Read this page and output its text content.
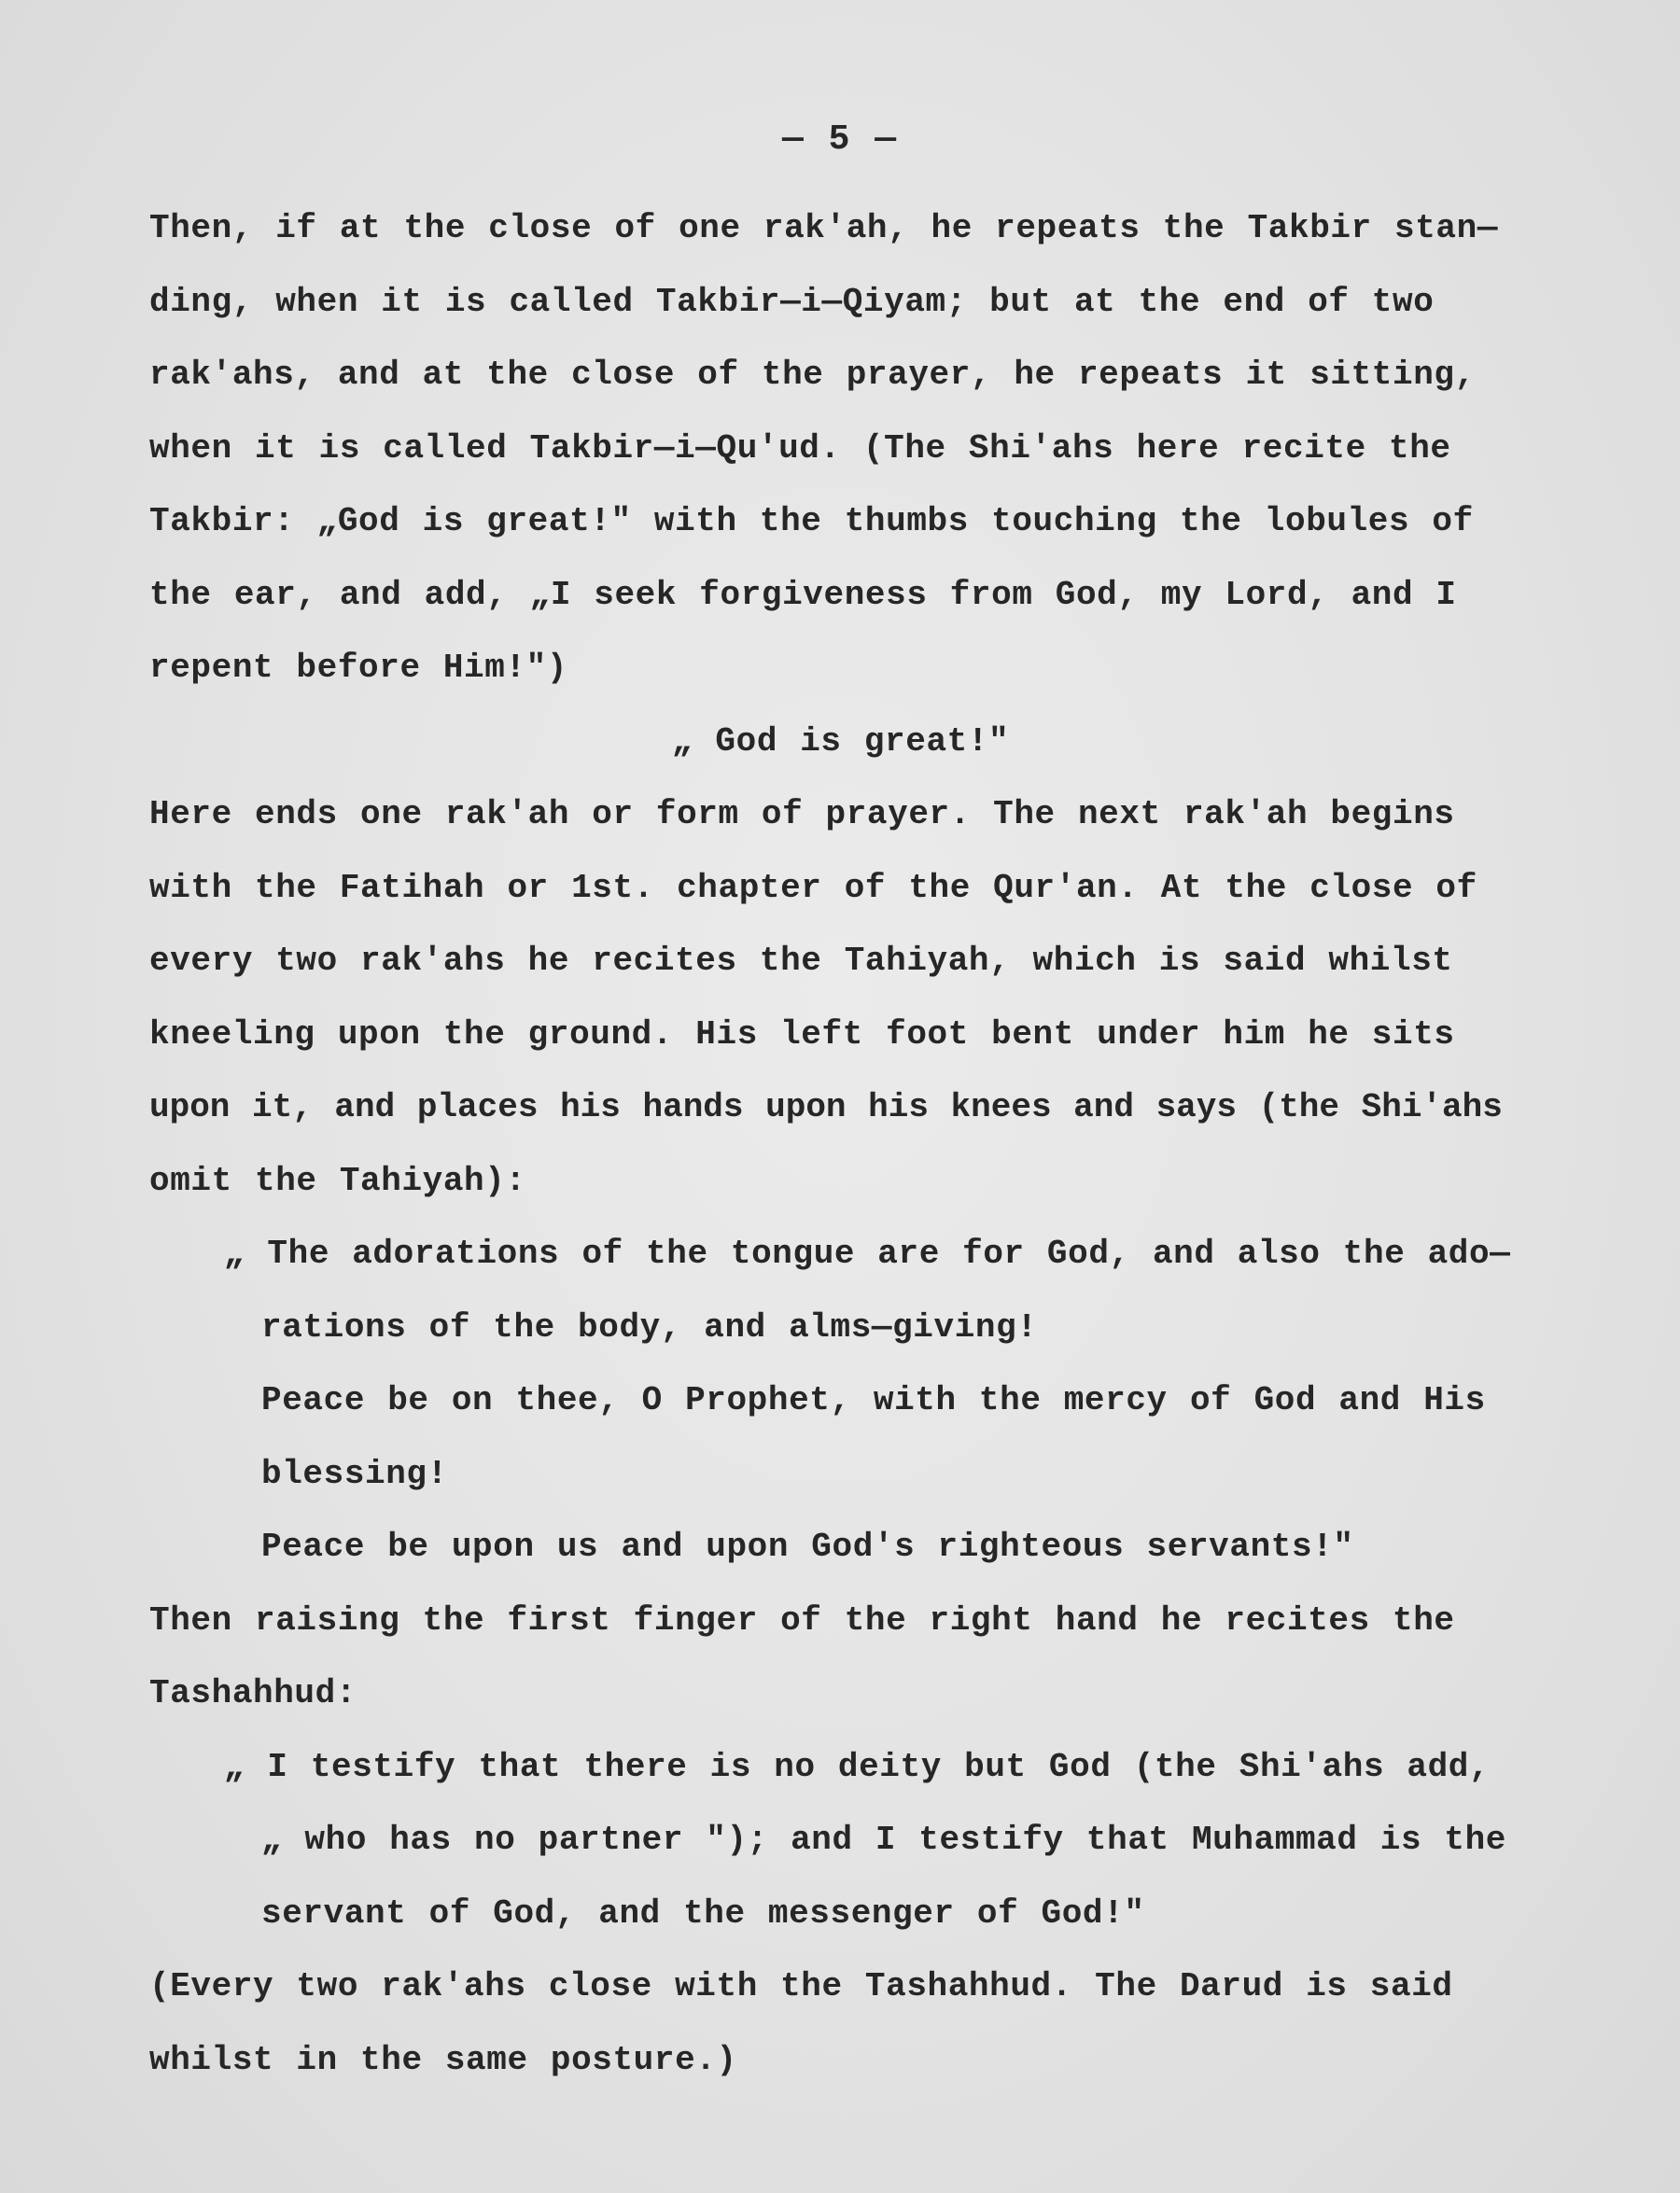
— 5 —

Then, if at the close of one rak'ah, he repeats the Takbir stan—
ding, when it is called Takbir—i—Qiyam; but at the end of two
rak'ahs, and at the close of the prayer, he repeats it sitting,
when it is called Takbir—i—Qu'ud. (The Shi'ahs here recite the
Takbir: „God is great!" with the thumbs touching the lobules of
the ear, and add, „I seek forgiveness from God, my Lord, and I
repent before Him!")
„ God is great!"
Here ends one rak'ah or form of prayer. The next rak'ah begins
with the Fatihah or 1st. chapter of the Qur'an. At the close of
every two rak'ahs he recites the Tahiyah, which is said whilst
kneeling upon the ground. His left foot bent under him he sits
upon it, and places his hands upon his knees and says (the Shi'ahs
omit the Tahiyah):
„ The adorations of the tongue are for God, and also the ado—
rations of the body, and alms—giving!
Peace be on thee, O Prophet, with the mercy of God and His
blessing!
Peace be upon us and upon God's righteous servants!"
Then raising the first finger of the right hand he recites the
Tashahhud:
„ I testify that there is no deity but God (the Shi'ahs add,
„ who has no partner "); and I testify that Muhammad is the
servant of God, and the messenger of God!"
(Every two rak'ahs close with the Tashahhud. The Darud is said
whilst in the same posture.)
